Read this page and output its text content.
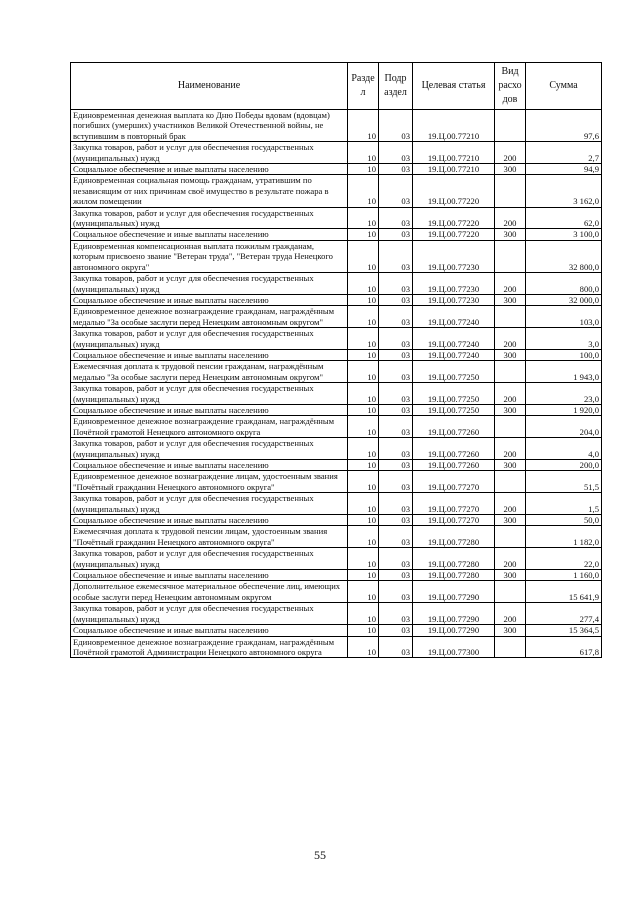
Наименование	Разде л	Подр аздел	Целевая статья	Вид расхо дов	Сумма
Единовременная денежная выплата ко Дню Победы вдовам (вдовцам) погибших (умерших) участников Великой Отечественной войны, не вступившим в повторный брак	10	03	19.Ц.00.77210		97,6
Закупка товаров, работ и услуг для обеспечения государственных (муниципальных) нужд	10	03	19.Ц.00.77210	200	2,7
Социальное обеспечение и иные выплаты населению	10	03	19.Ц.00.77210	300	94,9
Единовременная социальная помощь гражданам, утратившим по независящим от них причинам своё имущество в результате пожара в жилом помещении	10	03	19.Ц.00.77220		3 162,0
Закупка товаров, работ и услуг для обеспечения государственных (муниципальных) нужд	10	03	19.Ц.00.77220	200	62,0
Социальное обеспечение и иные выплаты населению	10	03	19.Ц.00.77220	300	3 100,0
Единовременная компенсационная выплата пожилым гражданам, которым присвоено звание "Ветеран труда", "Ветеран труда Ненецкого автономного округа"	10	03	19.Ц.00.77230		32 800,0
Закупка товаров, работ и услуг для обеспечения государственных (муниципальных) нужд	10	03	19.Ц.00.77230	200	800,0
Социальное обеспечение и иные выплаты населению	10	03	19.Ц.00.77230	300	32 000,0
Единовременное денежное вознаграждение гражданам, награждённым медалью "За особые заслуги перед Ненецким автономным округом"	10	03	19.Ц.00.77240		103,0
Закупка товаров, работ и услуг для обеспечения государственных (муниципальных) нужд	10	03	19.Ц.00.77240	200	3,0
Социальное обеспечение и иные выплаты населению	10	03	19.Ц.00.77240	300	100,0
Ежемесячная доплата к трудовой пенсии гражданам, награждённым медалью "За особые заслуги перед Ненецким автономным округом"	10	03	19.Ц.00.77250		1 943,0
Закупка товаров, работ и услуг для обеспечения государственных (муниципальных) нужд	10	03	19.Ц.00.77250	200	23,0
Социальное обеспечение и иные выплаты населению	10	03	19.Ц.00.77250	300	1 920,0
Единовременное денежное вознаграждение гражданам, награждённым Почётной грамотой Ненецкого автономного округа	10	03	19.Ц.00.77260		204,0
Закупка товаров, работ и услуг для обеспечения государственных (муниципальных) нужд	10	03	19.Ц.00.77260	200	4,0
Социальное обеспечение и иные выплаты населению	10	03	19.Ц.00.77260	300	200,0
Единовременное денежное вознаграждение лицам, удостоенным звания "Почётный гражданин Ненецкого автономного округа"	10	03	19.Ц.00.77270		51,5
Закупка товаров, работ и услуг для обеспечения государственных (муниципальных) нужд	10	03	19.Ц.00.77270	200	1,5
Социальное обеспечение и иные выплаты населению	10	03	19.Ц.00.77270	300	50,0
Ежемесячная доплата к трудовой пенсии лицам, удостоенным звания "Почётный гражданин Ненецкого автономного округа"	10	03	19.Ц.00.77280		1 182,0
Закупка товаров, работ и услуг для обеспечения государственных (муниципальных) нужд	10	03	19.Ц.00.77280	200	22,0
Социальное обеспечение и иные выплаты населению	10	03	19.Ц.00.77280	300	1 160,0
Дополнительное ежемесячное материальное обеспечение лиц, имеющих особые заслуги перед Ненецким автономным округом	10	03	19.Ц.00.77290		15 641,9
Закупка товаров, работ и услуг для обеспечения государственных (муниципальных) нужд	10	03	19.Ц.00.77290	200	277,4
Социальное обеспечение и иные выплаты населению	10	03	19.Ц.00.77290	300	15 364,5
Единовременное денежное вознаграждение гражданам, награждённым Почётной грамотой Администрации Ненецкого автономного округа	10	03	19.Ц.00.77300		617,8
55
